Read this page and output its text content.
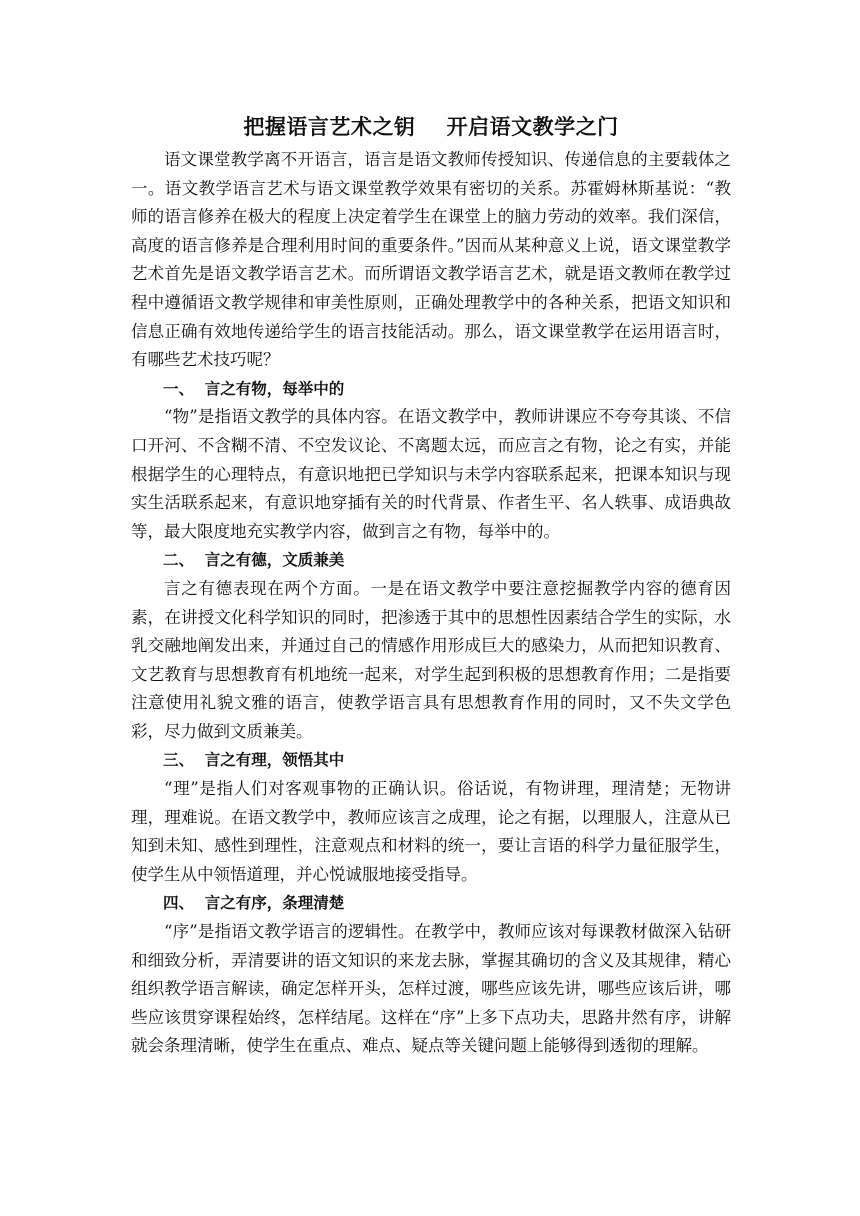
把握语言艺术之钥    开启语文教学之门

语文课堂教学离不开语言，语言是语文教师传授知识、传递信息的主要载体之一。语文教学语言艺术与语文课堂教学效果有密切的关系。苏霍姆林斯基说：“教师的语言修养在极大的程度上决定着学生在课堂上的脑力劳动的效率。我们深信，高度的语言修养是合理利用时间的重要条件。”因而从某种意义上说，语文课堂教学艺术首先是语文教学语言艺术。而所谓语文教学语言艺术，就是语文教师在教学过程中遵循语文教学规律和审美性原则，正确处理教学中的各种关系，把语文知识和信息正确有效地传递给学生的语言技能活动。那么，语文课堂教学在运用语言时，有哪些艺术技巧呢？

一、  言之有物，每举中的

“物”是指语文教学的具体内容。在语文教学中，教师讲课应不夸夸其谈、不信口开河、不含糊不清、不空发议论、不离题太远，而应言之有物，论之有实，并能根据学生的心理特点，有意识地把已学知识与未学内容联系起来，把课本知识与现实生活联系起来，有意识地穿插有关的时代背景、作者生平、名人轶事、成语典故等，最大限度地充实教学内容，做到言之有物，每举中的。

二、  言之有德，文质兼美

言之有德表现在两个方面。一是在语文教学中要注意挖掘教学内容的德育因素，在讲授文化科学知识的同时，把渗透于其中的思想性因素结合学生的实际，水乳交融地阐发出来，并通过自己的情感作用形成巨大的感染力，从而把知识教育、文艺教育与思想教育有机地统一起来，对学生起到积极的思想教育作用；二是指要注意使用礼貌文雅的语言，使教学语言具有思想教育作用的同时，又不失文学色彩，尽力做到文质兼美。

三、  言之有理，领悟其中

“理”是指人们对客观事物的正确认识。俗话说，有物讲理，理清楚；无物讲理，理难说。在语文教学中，教师应该言之成理，论之有据，以理服人，注意从已知到未知、感性到理性，注意观点和材料的统一，要让言语的科学力量征服学生，使学生从中领悟道理，并心悦诚服地接受指导。

四、  言之有序，条理清楚

“序”是指语文教学语言的逻辑性。在教学中，教师应该对每课教材做深入钻研和细致分析，弄清要讲的语文知识的来龙去脉，掌握其确切的含义及其规律，精心组织教学语言解读，确定怎样开头，怎样过渡，哪些应该先讲，哪些应该后讲，哪些应该贯穿课程始终，怎样结尾。这样在“序”上多下点功夫，思路井然有序，讲解就会条理清晰，使学生在重点、难点、疑点等关键问题上能够得到透彻的理解。
